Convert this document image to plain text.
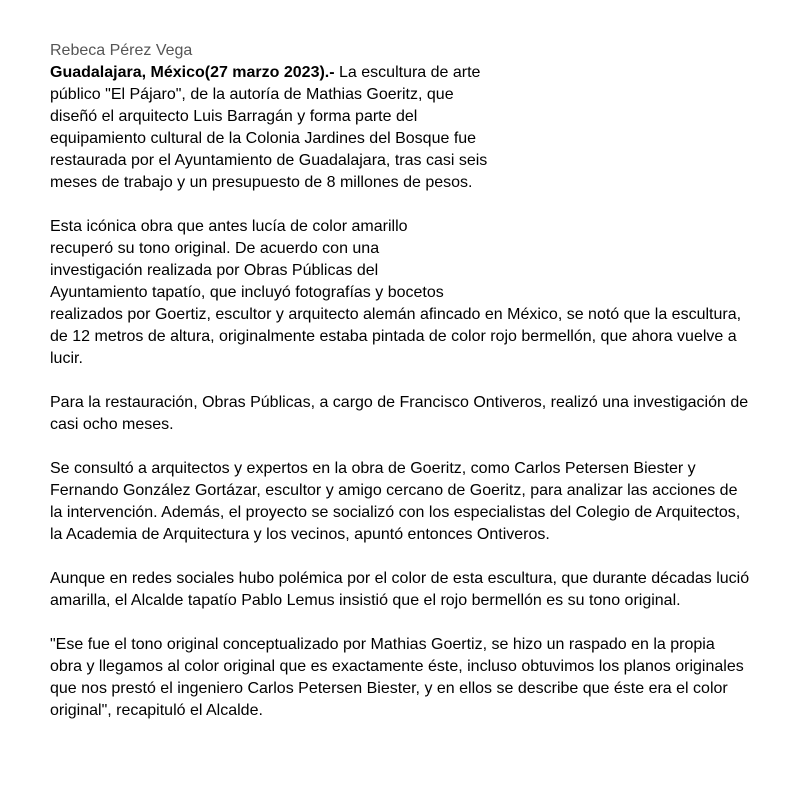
Rebeca Pérez Vega

Guadalajara, México(27 marzo 2023).- La escultura de arte público "El Pájaro", de la autoría de Mathias Goeritz, que diseñó el arquitecto Luis Barragán y forma parte del equipamiento cultural de la Colonia Jardines del Bosque fue restaurada por el Ayuntamiento de Guadalajara, tras casi seis meses de trabajo y un presupuesto de 8 millones de pesos.

Esta icónica obra que antes lucía de color amarillo
recuperó su tono original. De acuerdo con una
investigación realizada por Obras Públicas del
Ayuntamiento tapatío, que incluyó fotografías y bocetos
realizados por Goertiz, escultor y arquitecto alemán afincado en México, se notó que la escultura, de 12 metros de altura, originalmente estaba pintada de color rojo bermellón, que ahora vuelve a lucir.

Para la restauración, Obras Públicas, a cargo de Francisco Ontiveros, realizó una investigación de casi ocho meses.

Se consultó a arquitectos y expertos en la obra de Goeritz, como Carlos Petersen Biester y Fernando González Gortázar, escultor y amigo cercano de Goeritz, para analizar las acciones de la intervención. Además, el proyecto se socializó con los especialistas del Colegio de Arquitectos, la Academia de Arquitectura y los vecinos, apuntó entonces Ontiveros.

Aunque en redes sociales hubo polémica por el color de esta escultura, que durante décadas lució amarilla, el Alcalde tapatío Pablo Lemus insistió que el rojo bermellón es su tono original.

"Ese fue el tono original conceptualizado por Mathias Goertiz, se hizo un raspado en la propia obra y llegamos al color original que es exactamente éste, incluso obtuvimos los planos originales que nos prestó el ingeniero Carlos Petersen Biester, y en ellos se describe que éste era el color original", recapituló el Alcalde.
